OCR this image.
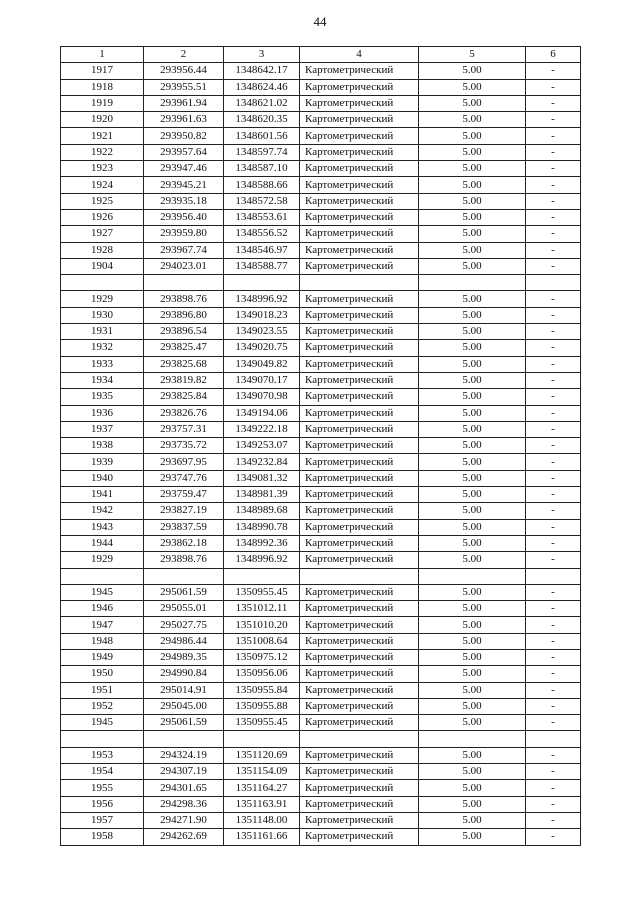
44
1	2	3	4	5	6
1917	293956.44	1348642.17	Картометрический	5.00	-
1918	293955.51	1348624.46	Картометрический	5.00	-
1919	293961.94	1348621.02	Картометрический	5.00	-
1920	293961.63	1348620.35	Картометрический	5.00	-
1921	293950.82	1348601.56	Картометрический	5.00	-
1922	293957.64	1348597.74	Картометрический	5.00	-
1923	293947.46	1348587.10	Картометрический	5.00	-
1924	293945.21	1348588.66	Картометрический	5.00	-
1925	293935.18	1348572.58	Картометрический	5.00	-
1926	293956.40	1348553.61	Картометрический	5.00	-
1927	293959.80	1348556.52	Картометрический	5.00	-
1928	293967.74	1348546.97	Картометрический	5.00	-
1904	294023.01	1348588.77	Картометрический	5.00	-

1929	293898.76	1348996.92	Картометрический	5.00	-
1930	293896.80	1349018.23	Картометрический	5.00	-
1931	293896.54	1349023.55	Картометрический	5.00	-
1932	293825.47	1349020.75	Картометрический	5.00	-
1933	293825.68	1349049.82	Картометрический	5.00	-
1934	293819.82	1349070.17	Картометрический	5.00	-
1935	293825.84	1349070.98	Картометрический	5.00	-
1936	293826.76	1349194.06	Картометрический	5.00	-
1937	293757.31	1349222.18	Картометрический	5.00	-
1938	293735.72	1349253.07	Картометрический	5.00	-
1939	293697.95	1349232.84	Картометрический	5.00	-
1940	293747.76	1349081.32	Картометрический	5.00	-
1941	293759.47	1348981.39	Картометрический	5.00	-
1942	293827.19	1348989.68	Картометрический	5.00	-
1943	293837.59	1348990.78	Картометрический	5.00	-
1944	293862.18	1348992.36	Картометрический	5.00	-
1929	293898.76	1348996.92	Картометрический	5.00	-

1945	295061.59	1350955.45	Картометрический	5.00	-
1946	295055.01	1351012.11	Картометрический	5.00	-
1947	295027.75	1351010.20	Картометрический	5.00	-
1948	294986.44	1351008.64	Картометрический	5.00	-
1949	294989.35	1350975.12	Картометрический	5.00	-
1950	294990.84	1350956.06	Картометрический	5.00	-
1951	295014.91	1350955.84	Картометрический	5.00	-
1952	295045.00	1350955.88	Картометрический	5.00	-
1945	295061.59	1350955.45	Картометрический	5.00	-

1953	294324.19	1351120.69	Картометрический	5.00	-
1954	294307.19	1351154.09	Картометрический	5.00	-
1955	294301.65	1351164.27	Картометрический	5.00	-
1956	294298.36	1351163.91	Картометрический	5.00	-
1957	294271.90	1351148.00	Картометрический	5.00	-
1958	294262.69	1351161.66	Картометрический	5.00	-
